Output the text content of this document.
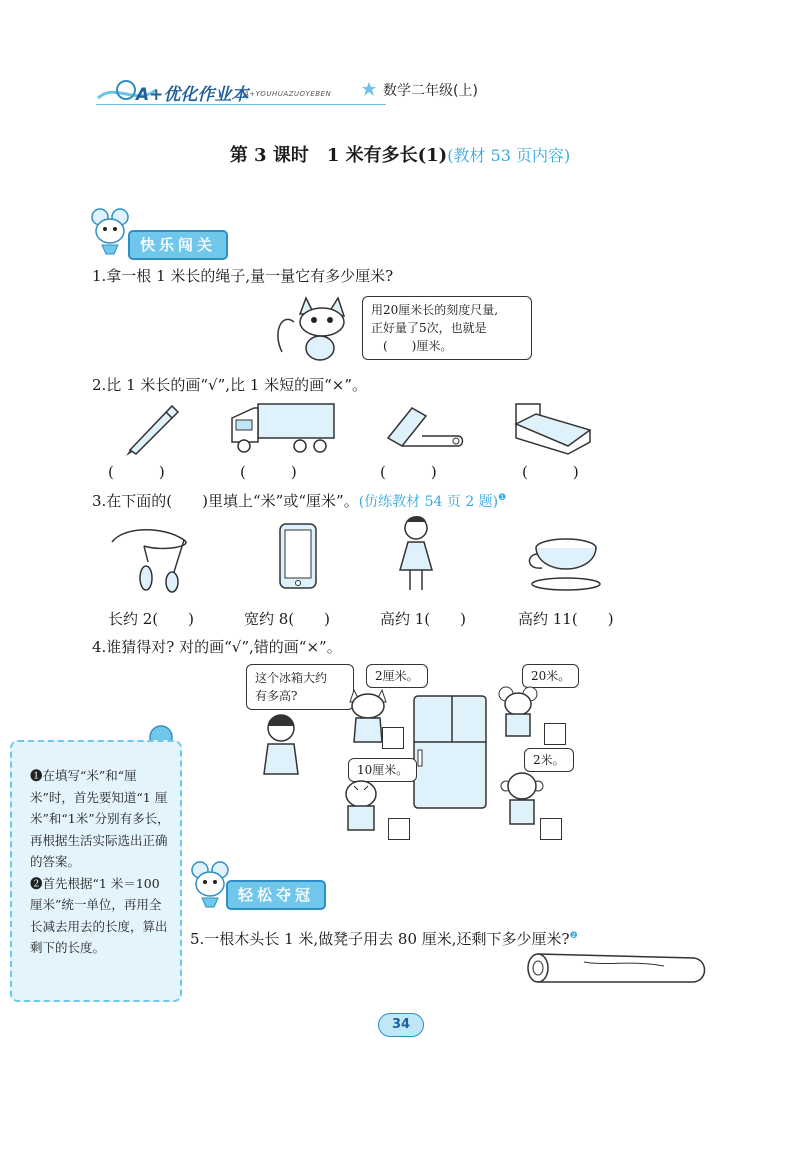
A+优化作业本
A+YOUHUAZUOYEBEN	数学二年级(上)
第 3 课时　1 米有多长(1)(教材 53 页内容)
快乐闯关
1.拿一根 1 米长的绳子,量一量它有多少厘米?
用20厘米长的刻度尺量,
正好量了5次，也就是
(　　)厘米。
2.比 1 米长的画“√”,比 1 米短的画“×”。
(　　　)	(　　　)	(　　　)	(　　　)
3.在下面的(　　)里填上“米”或“厘米”。(仿练教材 54 页 2 题)$^❶$
长约 2(　　)	宽约 8(　　)	高约 1(　　)	高约 11(　　)
4.谁猜得对? 对的画“√”,错的画“×”。
这个冰箱大约
有多高?
2厘米。	20米。
10厘米。
2米。
❶在填写“米”和“厘米”时，首先要知道“1 厘米”和“1米”分别有多长，再根据生活实际选出正确的答案。
❷首先根据“1 米＝100 厘米”统一单位，再用全长减去用去的长度，算出剩下的长度。
轻松夺冠
5.一根木头长 1 米,做凳子用去 80 厘米,还剩下多少厘米?$^❷$
34
